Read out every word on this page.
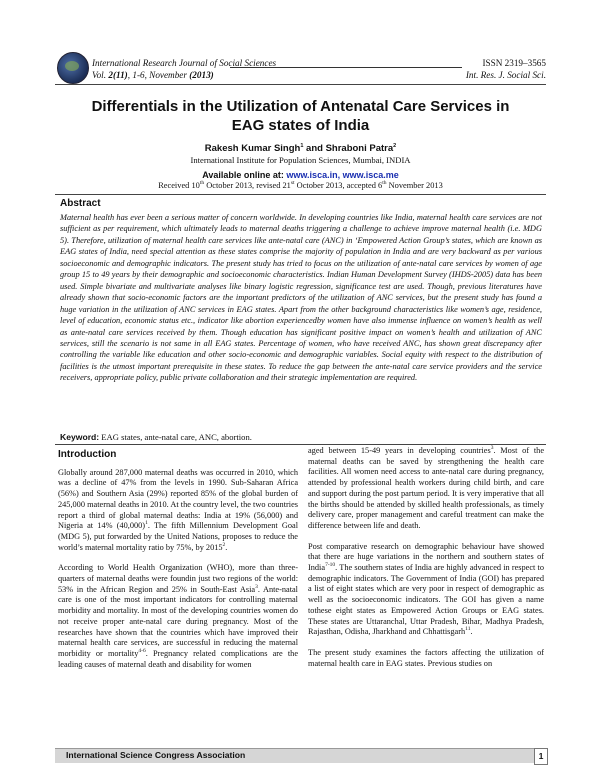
International Research Journal of Social Sciences	ISSN 2319–3565
Vol. 2(11), 1-6, November (2013)	Int. Res. J. Social Sci.
Differentials in the Utilization of Antenatal Care Services in
EAG states of India
Rakesh Kumar Singh$^1$ and Shraboni Patra$^2$
International Institute for Population Sciences, Mumbai, INDIA
Available online at: www.isca.in, www.isca.me
Received 10th October 2013, revised 21st October 2013, accepted 6th November 2013
Abstract
Maternal health has ever been a serious matter of concern worldwide. In developing countries like India, maternal health care services are not sufficient as per requirement, which ultimately leads to maternal deaths triggering a challenge to achieve improve maternal health (i.e. MDG 5). Therefore, utilization of maternal health care services like ante-natal care (ANC) in ‘Empowered Action Group’s states, which are known as EAG states of India, need special attention as these states comprise the majority of population in India and are very backward as per various socioeconomic and demographic indicators. The present study has tried to focus on the utilization of ante-natal care services by women of age group 15 to 49 years by their demographic and socioeconomic characteristics. Indian Human Development Survey (IHDS-2005) data has been used. Simple bivariate and multivariate analyses like binary logistic regression, significance test are used. Though, previous literatures have already shown that socio-economic factors are the important predictors of the utilization of ANC services, but the present study has found a huge variation in the utilization of ANC services in EAG states. Apart from the other background characteristics like women’s age, residence, level of education, economic status etc., indicator like abortion experiencedby women have also immense influence on women’s health as well as ante-natal care services received by them. Though education has significant positive impact on women’s health and utilization of ANC services, still the scenario is not same in all EAG states. Percentage of women, who have received ANC, has shown great discrepancy after controlling the variable like education and other socio-economic and demographic variables. Social equity with respect to the distribution of facilities is the utmost important prerequisite in these states. To reduce the gap between the ante-natal care service providers and the service receivers, appropriate policy, public private collaboration and their strategic implementation are required.
Keyword: EAG states, ante-natal care, ANC, abortion.
Introduction

Globally around 287,000 maternal deaths was occurred in 2010, which was a decline of 47% from the levels in 1990. Sub-Saharan Africa (56%) and Southern Asia (29%) reported 85% of the global burden of 245,000 maternal deaths in 2010. At the country level, the two countries report a third of global maternal deaths: India at 19% (56,000) and Nigeria at 14% $(40,000)^1$. The fifth Millennium Development Goal (MDG 5), put forwarded by the United Nations, proposes to reduce the world’s maternal mortality ratio by 75%, by 2015$^2$.

According to World Health Organization (WHO), more than three-quarters of maternal deaths were foundin just two regions of the world: 53% in the African Region and 25% in South-East Asia$^3$. Ante-natal care is one of the most important indicators for controlling maternal morbidity and mortality. In most of the developing countries women do not receive proper ante-natal care during pregnancy. Most of the researches have shown that the countries which have improved their maternal health care services, are successful in reducing the maternal morbidity or mortality$^{4-6}$. Pregnancy related complications are the leading causes of maternal death and disability for women

aged between 15-49 years in developing countries$^3$. Most of the maternal deaths can be saved by strengthening the health care facilities. All women need access to ante-natal care during pregnancy, attended by professional health workers during child birth, and care and support during the post partum period. It is very imperative that all the births should be attended by skilled health professionals, as timely delivery care, proper management and careful treatment can make the difference between life and death.

Post comparative research on demographic behaviour have showed that there are huge variations in the northern and southern states of India$^{7-10}$. The southern states of India are highly advanced in respect to demographic indicators. The Government of India (GOI) has prepared a list of eight states which are very poor in respect of demographic as well as the socioeconomic indicators. The GOI has given a name tothese eight states as Empowered Action Groups or EAG states. These states are Uttaranchal, Uttar Pradesh, Bihar, Madhya Pradesh, Rajasthan, Odisha, Jharkhand and Chhattisgarh$^{11}$.

The present study examines the factors affecting the utilization of maternal health care in EAG states. Previous studies on

International Science Congress Association	1
